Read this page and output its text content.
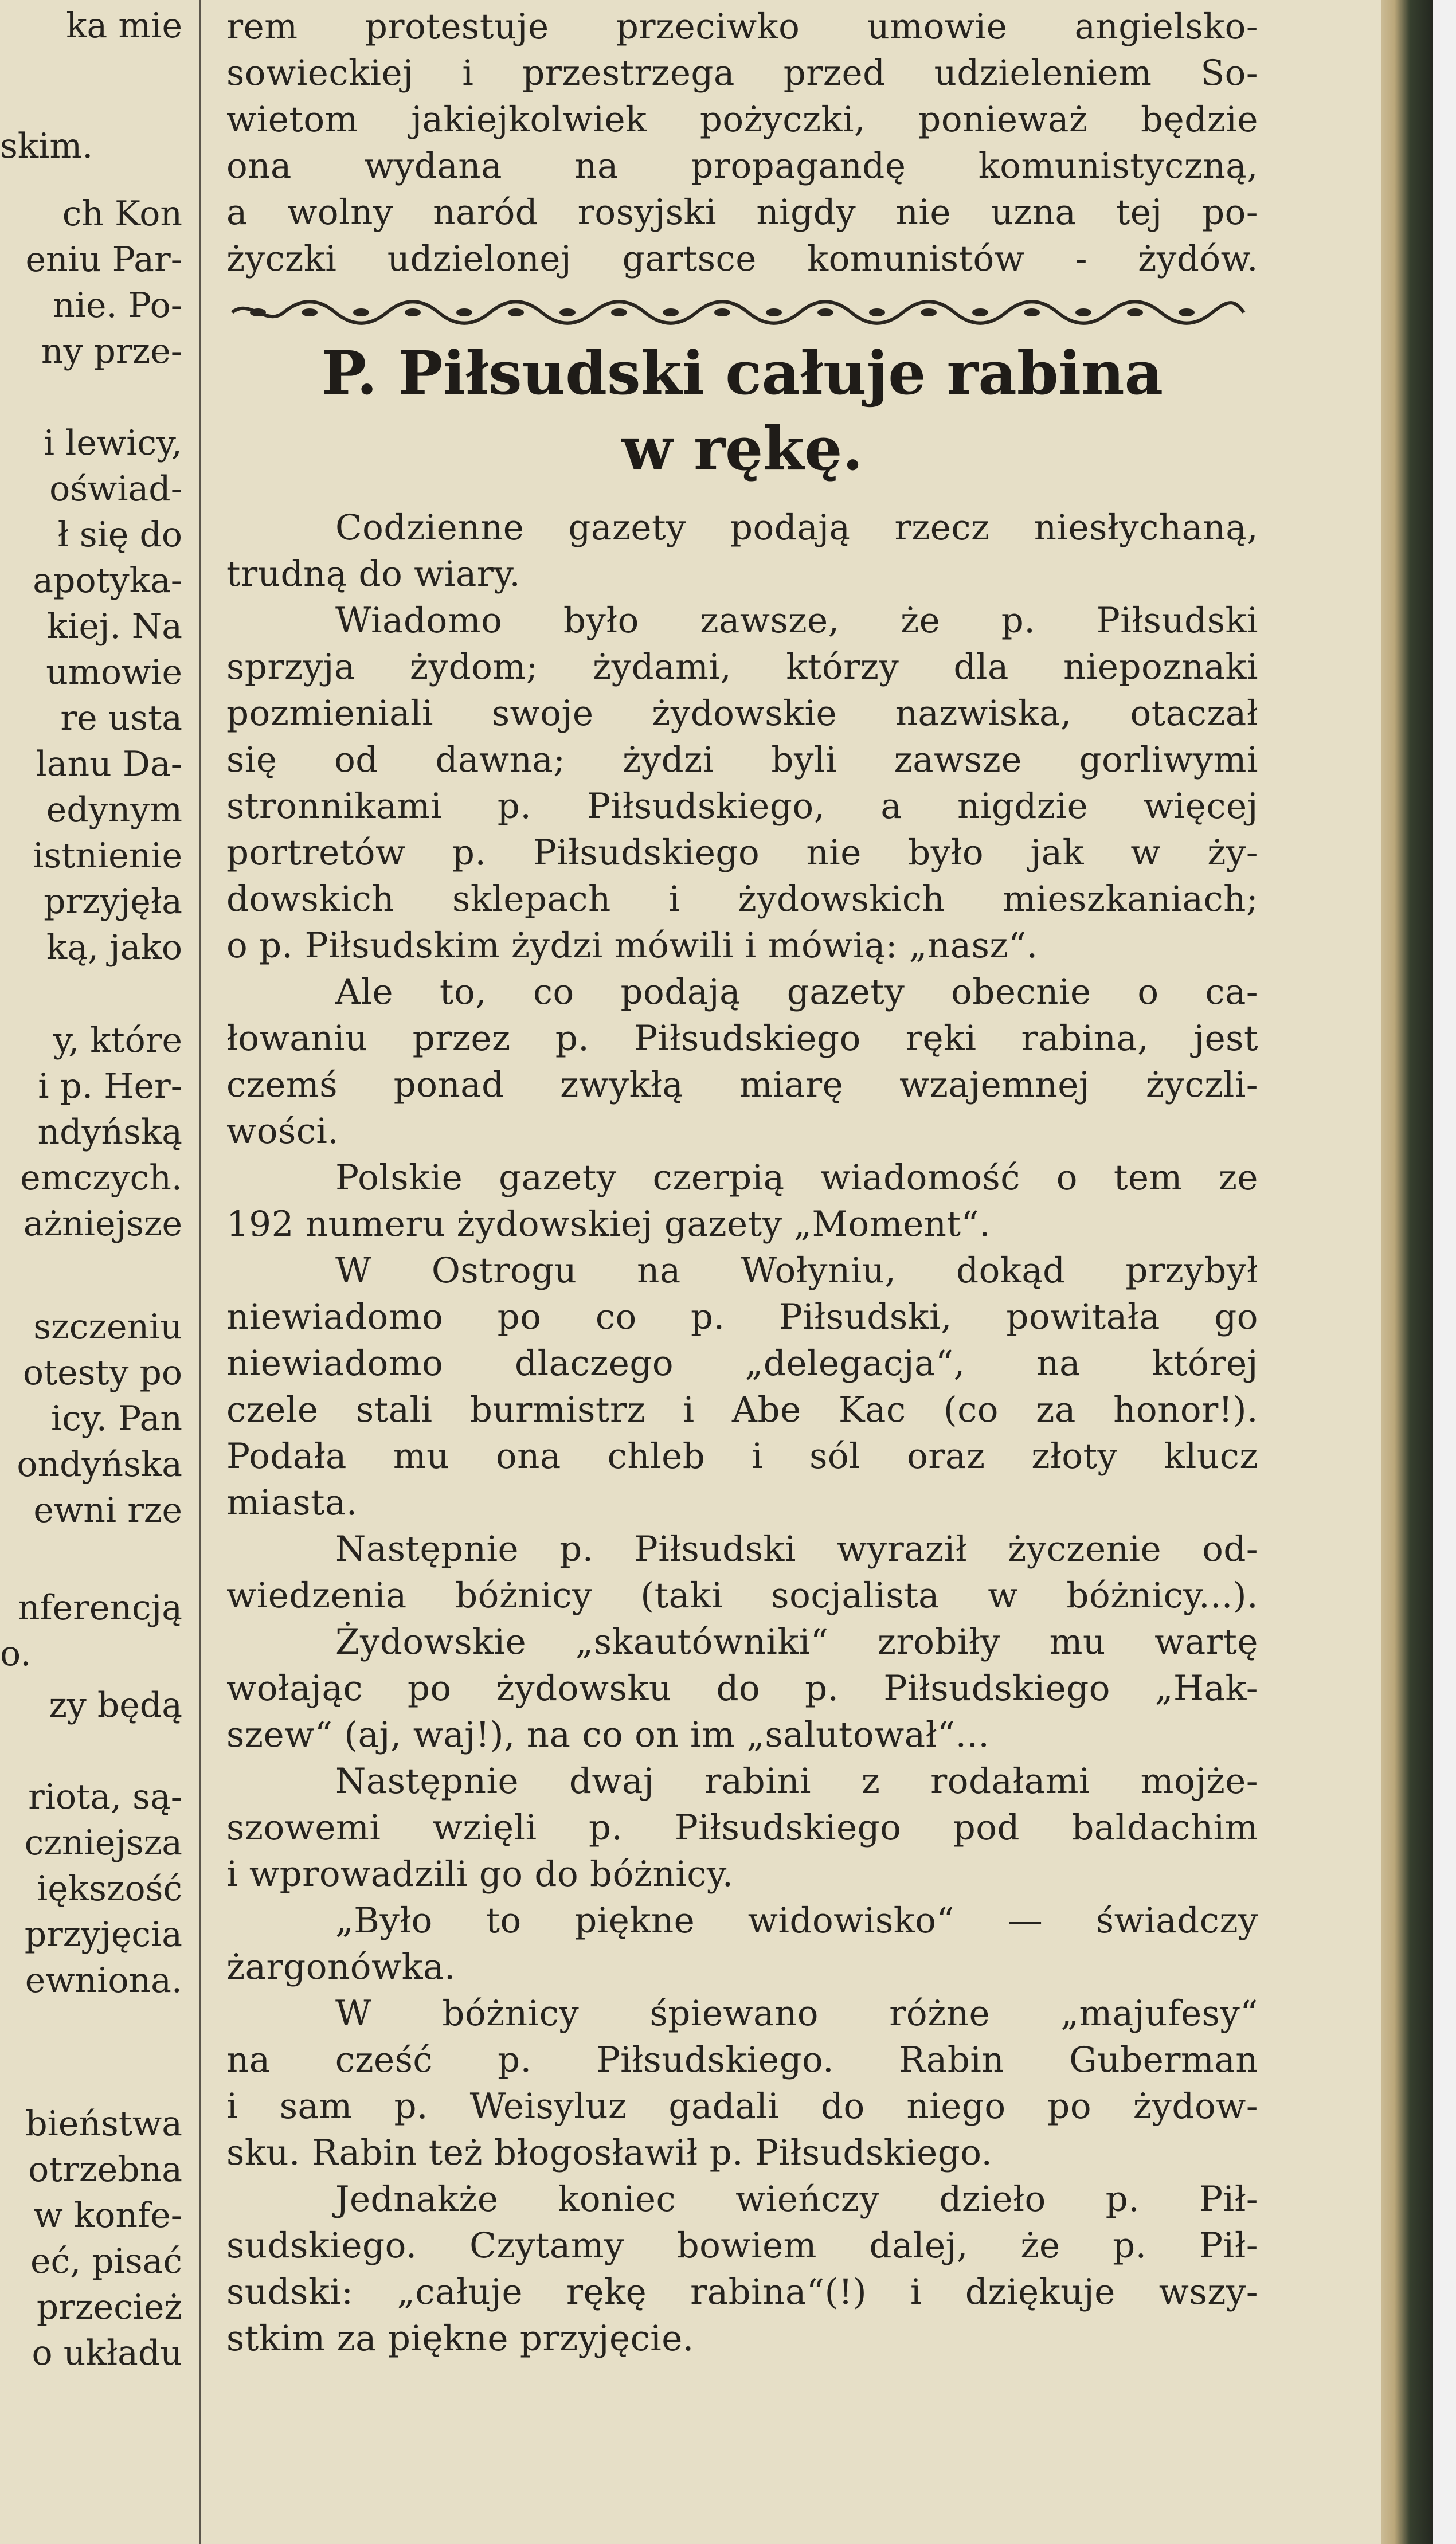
ka mie
skim.
ch Kon
eniu Par-
nie. Po-
ny prze-
i lewicy,
oświad-
ł się do
apotyka-
kiej. Na
umowie
re usta
lanu Da-
edynym
istnienie
przyjęła
ką, jako
y, które
i p. Her-
ndyńską
emczych.
ażniejsze
szczeniu
otesty po
icy. Pan
ondyńska
ewni rze
nferencją
o.
zy będą
riota, są-
czniejsza
iększość
przyjęcia
ewniona.
bieństwa
otrzebna
w konfe-
eć, pisać
przecież
o układu
rem protestuje przeciwko umowie angielsko-
sowieckiej i przestrzega przed udzieleniem So-
wietom jakiejkolwiek pożyczki, ponieważ będzie
ona wydana na propagandę komunistyczną,
a wolny naród rosyjski nigdy nie uzna tej po-
życzki udzielonej gartsce komunistów - żydów.
P. Piłsudski całuje rabina
w rękę.
Codzienne gazety podają rzecz niesłychaną,
trudną do wiary.
Wiadomo było zawsze, że p. Piłsudski
sprzyja żydom; żydami, którzy dla niepoznaki
pozmieniali swoje żydowskie nazwiska, otaczał
się od dawna; żydzi byli zawsze gorliwymi
stronnikami p. Piłsudskiego, a nigdzie więcej
portretów p. Piłsudskiego nie było jak w ży-
dowskich sklepach i żydowskich mieszkaniach;
o p. Piłsudskim żydzi mówili i mówią: „nasz“.
Ale to, co podają gazety obecnie o ca-
łowaniu przez p. Piłsudskiego ręki rabina, jest
czemś ponad zwykłą miarę wzajemnej życzli-
wości.
Polskie gazety czerpią wiadomość o tem ze
192 numeru żydowskiej gazety „Moment“.
W Ostrogu na Wołyniu, dokąd przybył
niewiadomo po co p. Piłsudski, powitała go
niewiadomo dlaczego „delegacja“, na której
czele stali burmistrz i Abe Kac (co za honor!).
Podała mu ona chleb i sól oraz złoty klucz
miasta.
Następnie p. Piłsudski wyraził życzenie od-
wiedzenia bóżnicy (taki socjalista w bóżnicy...).
Żydowskie „skautówniki“ zrobiły mu wartę
wołając po żydowsku do p. Piłsudskiego „Hak-
szew“ (aj, waj!), na co on im „salutował“...
Następnie dwaj rabini z rodałami mojże-
szowemi wzięli p. Piłsudskiego pod baldachim
i wprowadzili go do bóżnicy.
„Było to piękne widowisko“ — świadczy
żargonówka.
W bóżnicy śpiewano różne „majufesy“
na cześć p. Piłsudskiego. Rabin Guberman
i sam p. Weisyluz gadali do niego po żydow-
sku. Rabin też błogosławił p. Piłsudskiego.
Jednakże koniec wieńczy dzieło p. Pił-
sudskiego. Czytamy bowiem dalej, że p. Pił-
sudski: „całuje rękę rabina“(!) i dziękuje wszy-
stkim za piękne przyjęcie.
